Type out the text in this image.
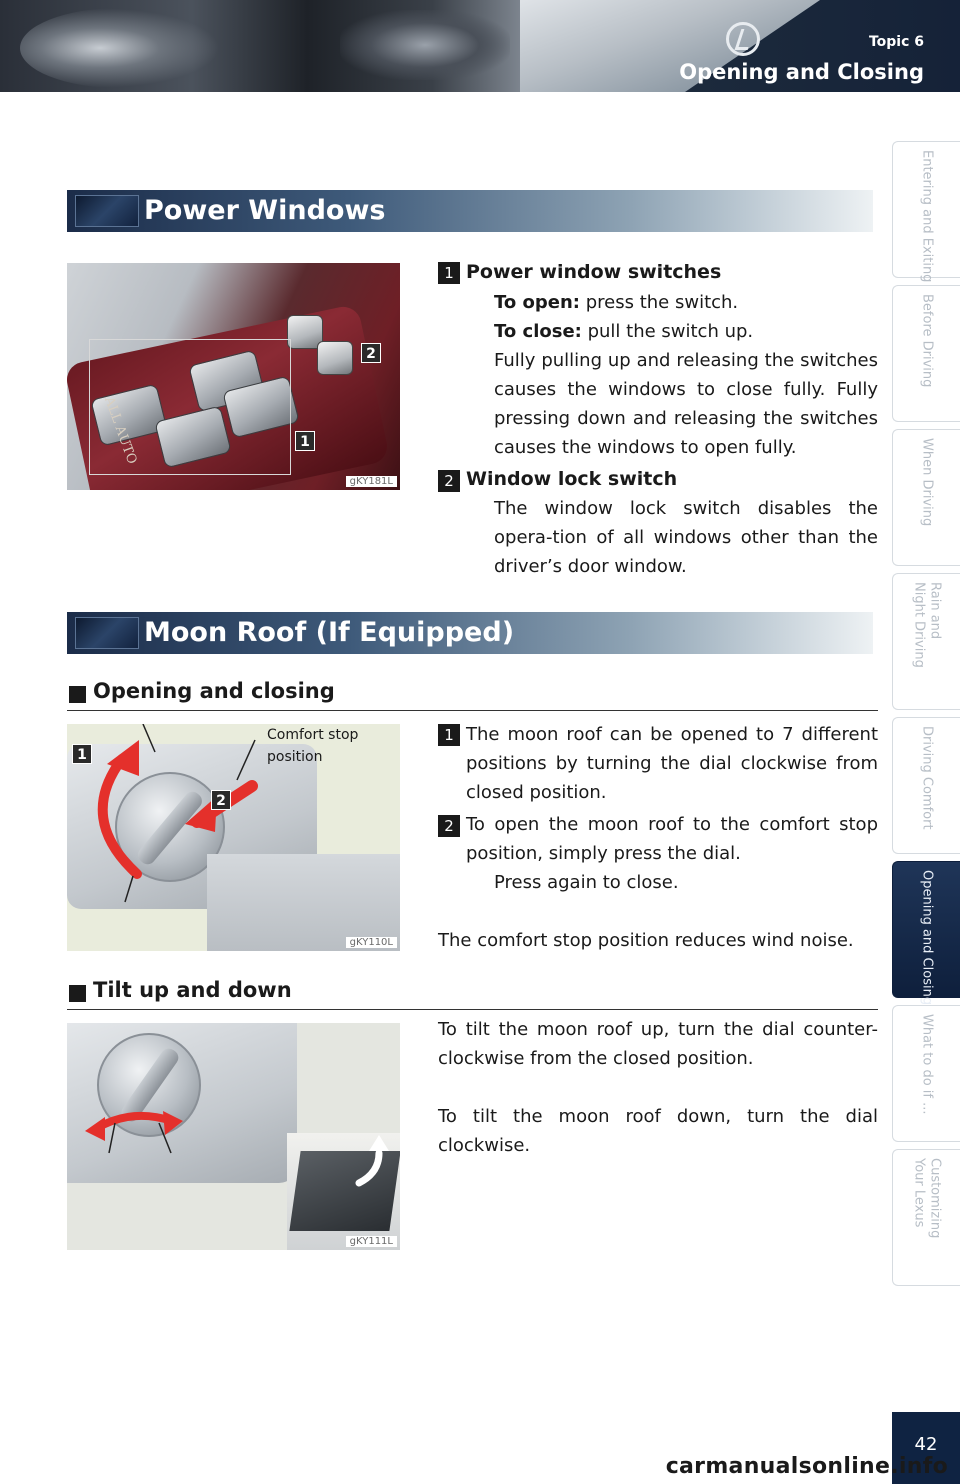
Topic 6
Opening and Closing
Entering and Exiting
Before Driving
When Driving
Rain and
Night Driving
Driving Comfort
Opening and Closing
What to do if ...
Customizing
Your Lexus
Power Windows
ALL AUTO	1
2
gKY181L
1 Power window switches
To open: press the switch.
To close: pull the switch up.
Fully pulling up and releasing the switches causes the windows to close fully. Fully pressing down and releasing the switches causes the windows to open fully.
2 Window lock switch
The window lock switch disables the opera-tion of all windows other than the driver’s door window.
Moon Roof (If Equipped)
Opening and closing
Comfort stop
position
1
2
gKY110L
1 The moon roof can be opened to 7 different positions by turning the dial clockwise from closed position.
2 To open the moon roof to the comfort stop position, simply press the dial.
Press again to close.
The comfort stop position reduces wind noise.
Tilt up and down
gKY111L
To tilt the moon roof up, turn the dial counter-clockwise from the closed position.
To tilt the moon roof down, turn the dial clockwise.
42
carmanualsonline.info
